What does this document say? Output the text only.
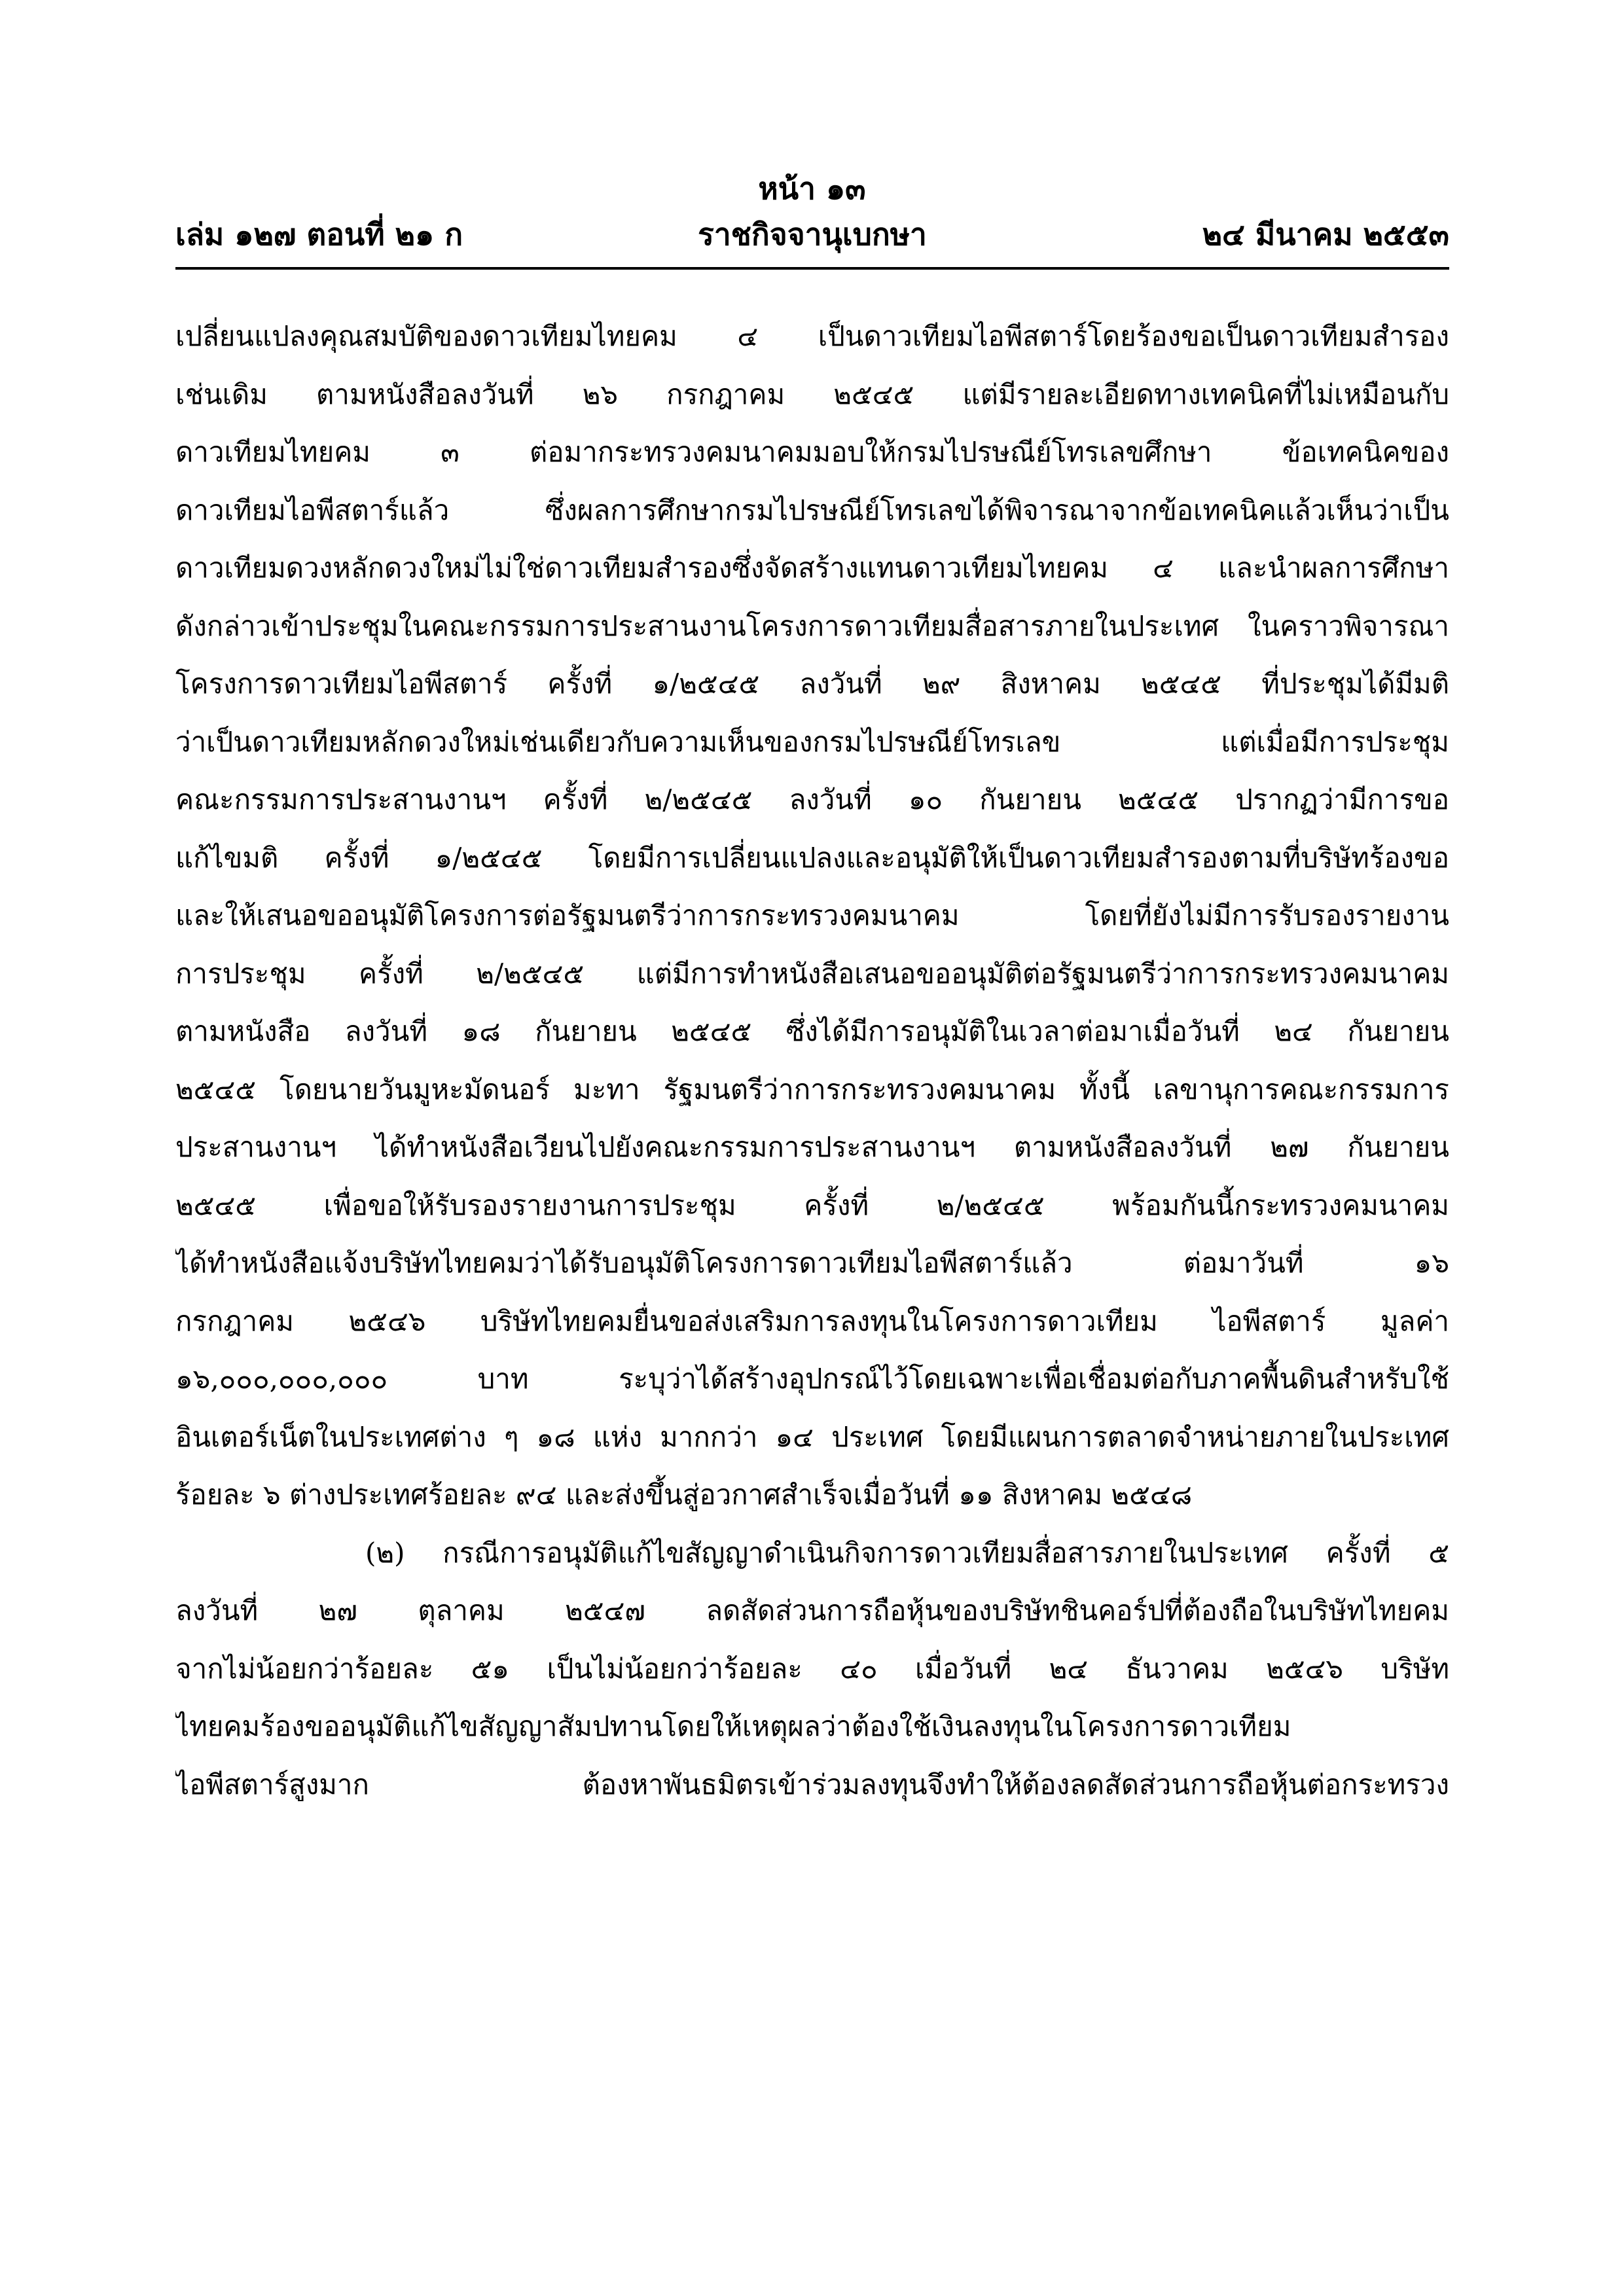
หน้า ๑๓
ราชกิจจานุเบกษา
เล่ม ๑๒๗ ตอนที่ ๒๑ ก	๒๔ มีนาคม ๒๕๕๓
เปลี่ยนแปลงคุณสมบัติของดาวเทียมไทยคม ๔ เป็นดาวเทียมไอพีสตาร์โดยร้องขอเป็นดาวเทียมสำรอง
เช่นเดิม ตามหนังสือลงวันที่ ๒๖ กรกฎาคม ๒๕๔๕ แต่มีรายละเอียดทางเทคนิคที่ไม่เหมือนกับ
ดาวเทียมไทยคม ๓ ต่อมากระทรวงคมนาคมมอบให้กรมไปรษณีย์โทรเลขศึกษา ข้อเทคนิคของ
ดาวเทียมไอพีสตาร์แล้ว ซึ่งผลการศึกษากรมไปรษณีย์โทรเลขได้พิจารณาจากข้อเทคนิคแล้วเห็นว่าเป็น
ดาวเทียมดวงหลักดวงใหม่ไม่ใช่ดาวเทียมสำรองซึ่งจัดสร้างแทนดาวเทียมไทยคม ๔ และนำผลการศึกษา
ดังกล่าวเข้าประชุมในคณะกรรมการประสานงานโครงการดาวเทียมสื่อสารภายในประเทศ ในคราวพิจารณา
โครงการดาวเทียมไอพีสตาร์ ครั้งที่ ๑/๒๕๔๕ ลงวันที่ ๒๙ สิงหาคม ๒๕๔๕ ที่ประชุมได้มีมติ
ว่าเป็นดาวเทียมหลักดวงใหม่เช่นเดียวกับความเห็นของกรมไปรษณีย์โทรเลข แต่เมื่อมีการประชุม
คณะกรรมการประสานงานฯ ครั้งที่ ๒/๒๕๔๕ ลงวันที่ ๑๐ กันยายน ๒๕๔๕ ปรากฏว่ามีการขอ
แก้ไขมติ ครั้งที่ ๑/๒๕๔๕ โดยมีการเปลี่ยนแปลงและอนุมัติให้เป็นดาวเทียมสำรองตามที่บริษัทร้องขอ
และให้เสนอขออนุมัติโครงการต่อรัฐมนตรีว่าการกระทรวงคมนาคม โดยที่ยังไม่มีการรับรองรายงาน
การประชุม ครั้งที่ ๒/๒๕๔๕ แต่มีการทำหนังสือเสนอขออนุมัติต่อรัฐมนตรีว่าการกระทรวงคมนาคม
ตามหนังสือ ลงวันที่ ๑๘ กันยายน ๒๕๔๕ ซึ่งได้มีการอนุมัติในเวลาต่อมาเมื่อวันที่ ๒๔ กันยายน
๒๕๔๕ โดยนายวันมูหะมัดนอร์ มะทา รัฐมนตรีว่าการกระทรวงคมนาคม ทั้งนี้ เลขานุการคณะกรรมการ
ประสานงานฯ ได้ทำหนังสือเวียนไปยังคณะกรรมการประสานงานฯ ตามหนังสือลงวันที่ ๒๗ กันยายน
๒๕๔๕ เพื่อขอให้รับรองรายงานการประชุม ครั้งที่ ๒/๒๕๔๕ พร้อมกันนี้กระทรวงคมนาคม
ได้ทำหนังสือแจ้งบริษัทไทยคมว่าได้รับอนุมัติโครงการดาวเทียมไอพีสตาร์แล้ว ต่อมาวันที่ ๑๖
กรกฎาคม ๒๕๔๖ บริษัทไทยคมยื่นขอส่งเสริมการลงทุนในโครงการดาวเทียม ไอพีสตาร์ มูลค่า
๑๖,๐๐๐,๐๐๐,๐๐๐ บาท ระบุว่าได้สร้างอุปกรณ์ไว้โดยเฉพาะเพื่อเชื่อมต่อกับภาคพื้นดินสำหรับใช้
อินเตอร์เน็ตในประเทศต่าง ๆ ๑๘ แห่ง มากกว่า ๑๔ ประเทศ โดยมีแผนการตลาดจำหน่ายภายในประเทศ
ร้อยละ ๖ ต่างประเทศร้อยละ ๙๔ และส่งขึ้นสู่อวกาศสำเร็จเมื่อวันที่ ๑๑ สิงหาคม ๒๕๔๘
(๒) กรณีการอนุมัติแก้ไขสัญญาดำเนินกิจการดาวเทียมสื่อสารภายในประเทศ ครั้งที่ ๕
ลงวันที่ ๒๗ ตุลาคม ๒๕๔๗ ลดสัดส่วนการถือหุ้นของบริษัทชินคอร์ปที่ต้องถือในบริษัทไทยคม
จากไม่น้อยกว่าร้อยละ ๕๑ เป็นไม่น้อยกว่าร้อยละ ๔๐ เมื่อวันที่ ๒๔ ธันวาคม ๒๕๔๖ บริษัท
ไทยคมร้องขออนุมัติแก้ไขสัญญาสัมปทานโดยให้เหตุผลว่าต้องใช้เงินลงทุนในโครงการดาวเทียม
ไอพีสตาร์สูงมาก ต้องหาพันธมิตรเข้าร่วมลงทุนจึงทำให้ต้องลดสัดส่วนการถือหุ้นต่อกระทรวง
